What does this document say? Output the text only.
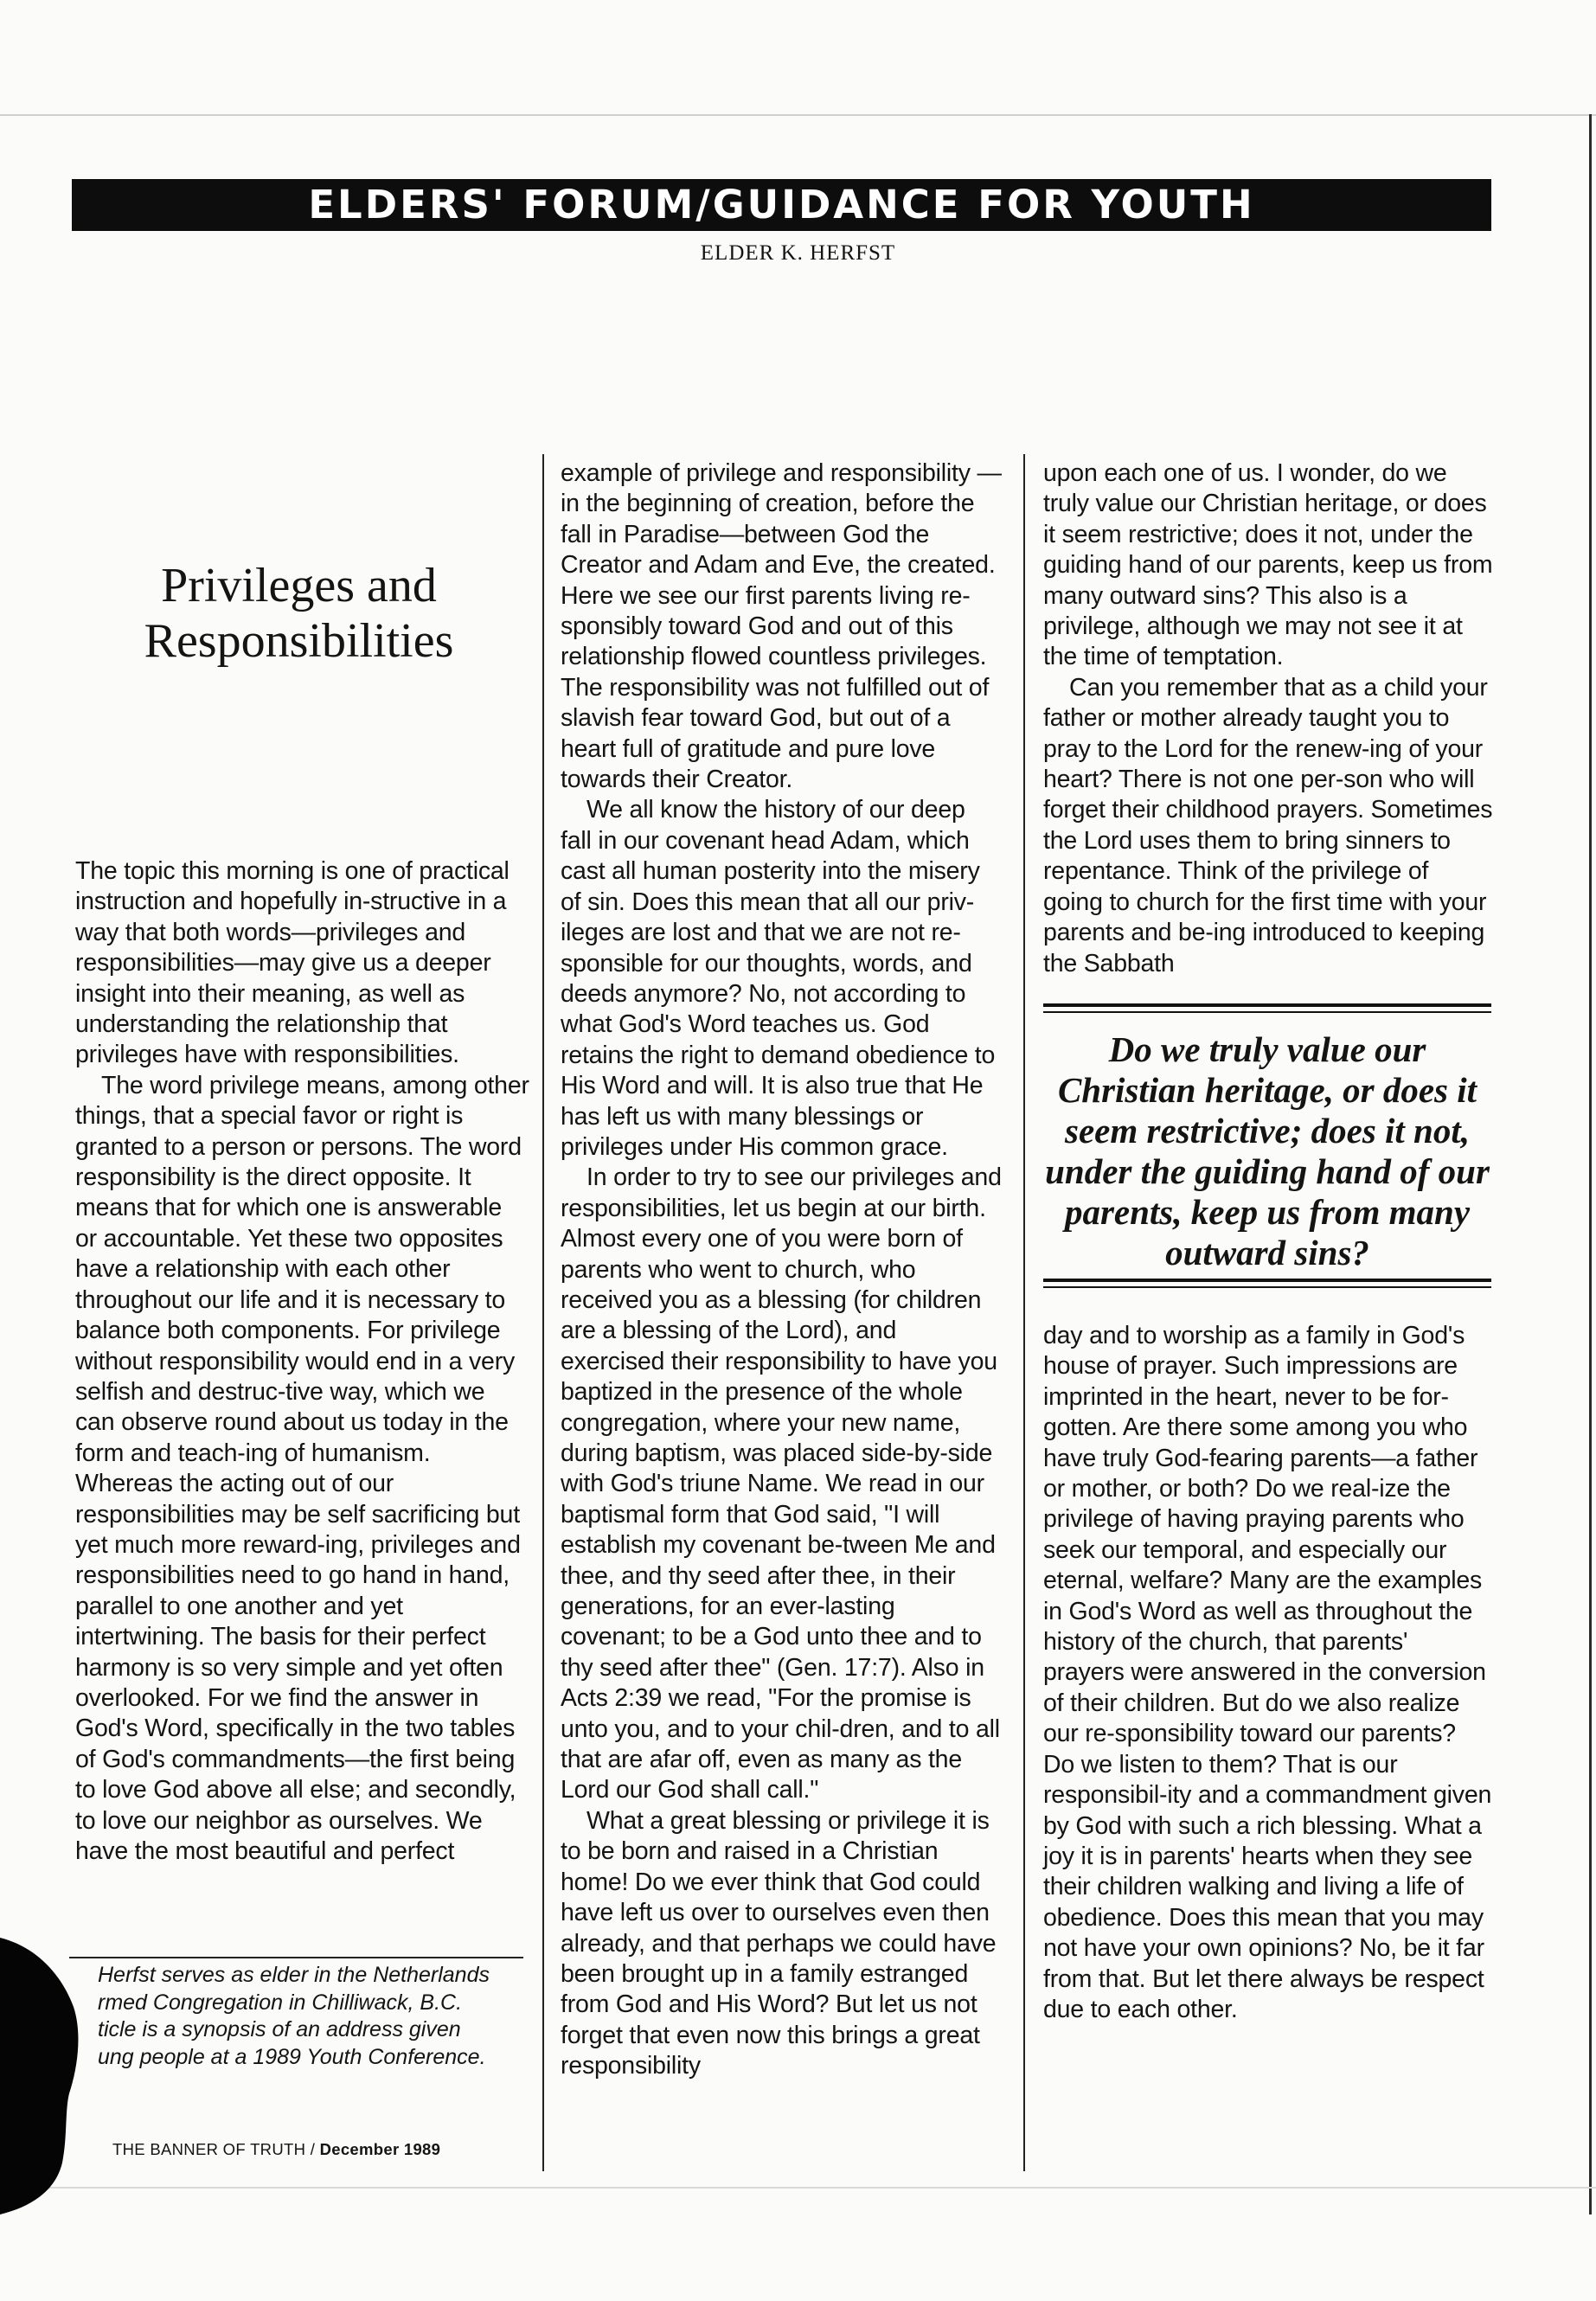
ELDERS' FORUM/GUIDANCE FOR YOUTH
ELDER K. HERFST
Privileges and
Responsibilities

The topic this morning is one of practical instruction and hopefully in-structive in a way that both words—privileges and responsibilities—may give us a deeper insight into their meaning, as well as understanding the relationship that privileges have with responsibilities.

The word privilege means, among other things, that a special favor or right is granted to a person or persons. The word responsibility is the direct opposite. It means that for which one is answerable or accountable. Yet these two opposites have a relationship with each other throughout our life and it is necessary to balance both components. For privilege without responsibility would end in a very selfish and destruc-tive way, which we can observe round about us today in the form and teach-ing of humanism. Whereas the acting out of our responsibilities may be self sacrificing but yet much more reward-ing, privileges and responsibilities need to go hand in hand, parallel to one another and yet intertwining. The basis for their perfect harmony is so very simple and yet often overlooked. For we find the answer in God's Word, specifically in the two tables of God's commandments—the first being to love God above all else; and secondly, to love our neighbor as ourselves. We have the most beautiful and perfect

example of privilege and responsibility —in the beginning of creation, before the fall in Paradise—between God the Creator and Adam and Eve, the created. Here we see our first parents living re-sponsibly toward God and out of this relationship flowed countless privileges. The responsibility was not fulfilled out of slavish fear toward God, but out of a heart full of gratitude and pure love towards their Creator.

We all know the history of our deep fall in our covenant head Adam, which cast all human posterity into the misery of sin. Does this mean that all our priv-ileges are lost and that we are not re-sponsible for our thoughts, words, and deeds anymore? No, not according to what God's Word teaches us. God retains the right to demand obedience to His Word and will. It is also true that He has left us with many blessings or privileges under His common grace.

In order to try to see our privileges and responsibilities, let us begin at our birth. Almost every one of you were born of parents who went to church, who received you as a blessing (for children are a blessing of the Lord), and exercised their responsibility to have you baptized in the presence of the whole congregation, where your new name, during baptism, was placed side-by-side with God's triune Name. We read in our baptismal form that God said, "I will establish my covenant be-tween Me and thee, and thy seed after thee, in their generations, for an ever-lasting covenant; to be a God unto thee and to thy seed after thee" (Gen. 17:7). Also in Acts 2:39 we read, "For the promise is unto you, and to your chil-dren, and to all that are afar off, even as many as the Lord our God shall call."

What a great blessing or privilege it is to be born and raised in a Christian home! Do we ever think that God could have left us over to ourselves even then already, and that perhaps we could have been brought up in a family estranged from God and His Word? But let us not forget that even now this brings a great responsibility

upon each one of us. I wonder, do we truly value our Christian heritage, or does it seem restrictive; does it not, under the guiding hand of our parents, keep us from many outward sins? This also is a privilege, although we may not see it at the time of temptation.

Can you remember that as a child your father or mother already taught you to pray to the Lord for the renew-ing of your heart? There is not one per-son who will forget their childhood prayers. Sometimes the Lord uses them to bring sinners to repentance. Think of the privilege of going to church for the first time with your parents and be-ing introduced to keeping the Sabbath

Do we truly value our Christian heritage, or does it seem restrictive; does it not, under the guiding hand of our parents, keep us from many outward sins?

day and to worship as a family in God's house of prayer. Such impressions are imprinted in the heart, never to be for-gotten. Are there some among you who have truly God-fearing parents—a father or mother, or both? Do we real-ize the privilege of having praying parents who seek our temporal, and especially our eternal, welfare? Many are the examples in God's Word as well as throughout the history of the church, that parents' prayers were answered in the conversion of their children. But do we also realize our re-sponsibility toward our parents? Do we listen to them? That is our responsibil-ity and a commandment given by God with such a rich blessing. What a joy it is in parents' hearts when they see their children walking and living a life of obedience. Does this mean that you may not have your own opinions? No, be it far from that. But let there always be respect due to each other.

Herfst serves as elder in the Netherlands

rmed Congregation in Chilliwack, B.C.

ticle is a synopsis of an address given

ung people at a 1989 Youth Conference.

THE BANNER OF TRUTH / December 1989
